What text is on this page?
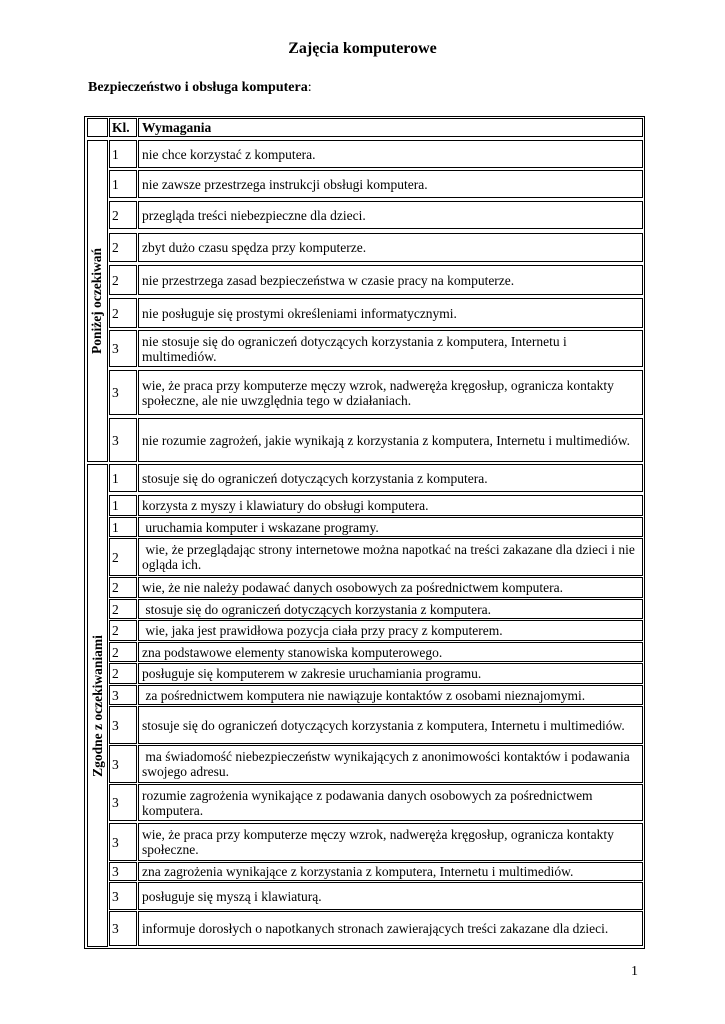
Zajęcia komputerowe
Bezpieczeństwo i obsługa komputera:
Kl. Wymagania
Poniżej oczekiwań
1	nie chce korzystać z komputera.
1	nie zawsze przestrzega instrukcji obsługi komputera.
2	przegląda treści niebezpieczne dla dzieci.
2	zbyt dużo czasu spędza przy komputerze.
2	nie przestrzega zasad bezpieczeństwa w czasie pracy na komputerze.
2	nie posługuje się prostymi określeniami informatycznymi.
3	nie stosuje się do ograniczeń dotyczących korzystania z komputera, Internetu i multimediów.
3	wie, że praca przy komputerze męczy wzrok, nadweręża kręgosłup, ogranicza kontakty społeczne, ale nie uwzględnia tego w działaniach.
3	nie rozumie zagrożeń, jakie wynikają z korzystania z komputera, Internetu i multimediów.
Zgodne z oczekiwaniami
1	stosuje się do ograniczeń dotyczących korzystania z komputera.
1	korzysta z myszy i klawiatury do obsługi komputera.
1	uruchamia komputer i wskazane programy.
2	wie, że przeglądając strony internetowe można napotkać na treści zakazane dla dzieci i nie ogląda ich.
2	wie, że nie należy podawać danych osobowych za pośrednictwem komputera.
2	stosuje się do ograniczeń dotyczących korzystania z komputera.
2	wie, jaka jest prawidłowa pozycja ciała przy pracy z komputerem.
2	zna podstawowe elementy stanowiska komputerowego.
2	posługuje się komputerem w zakresie uruchamiania programu.
3	za pośrednictwem komputera nie nawiązuje kontaktów z osobami nieznajomymi.
3	stosuje się do ograniczeń dotyczących korzystania z komputera, Internetu i multimediów.
3	ma świadomość niebezpieczeństw wynikających z anonimowości kontaktów i podawania swojego adresu.
3	rozumie zagrożenia wynikające z podawania danych osobowych za pośrednictwem komputera.
3	wie, że praca przy komputerze męczy wzrok, nadweręża kręgosłup, ogranicza kontakty społeczne.
3	zna zagrożenia wynikające z korzystania z komputera, Internetu i multimediów.
3	posługuje się myszą i klawiaturą.
3	informuje dorosłych o napotkanych stronach zawierających treści zakazane dla dzieci.
1
